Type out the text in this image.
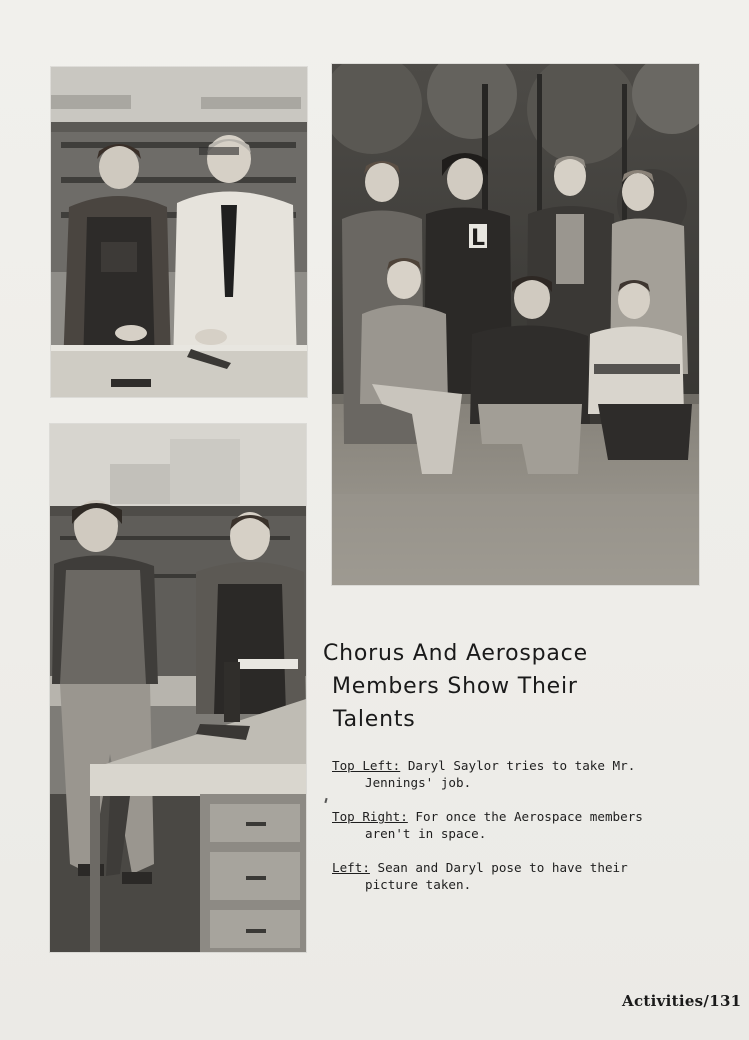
L
Chorus And Aerospace
Members Show Their
Talents
Top Left: Daryl Saylor tries to take Mr.
Jennings' job.
Top Right: For once the Aerospace members
aren't in space.
Left: Sean and Daryl pose to have their
picture taken.
Activities/131
